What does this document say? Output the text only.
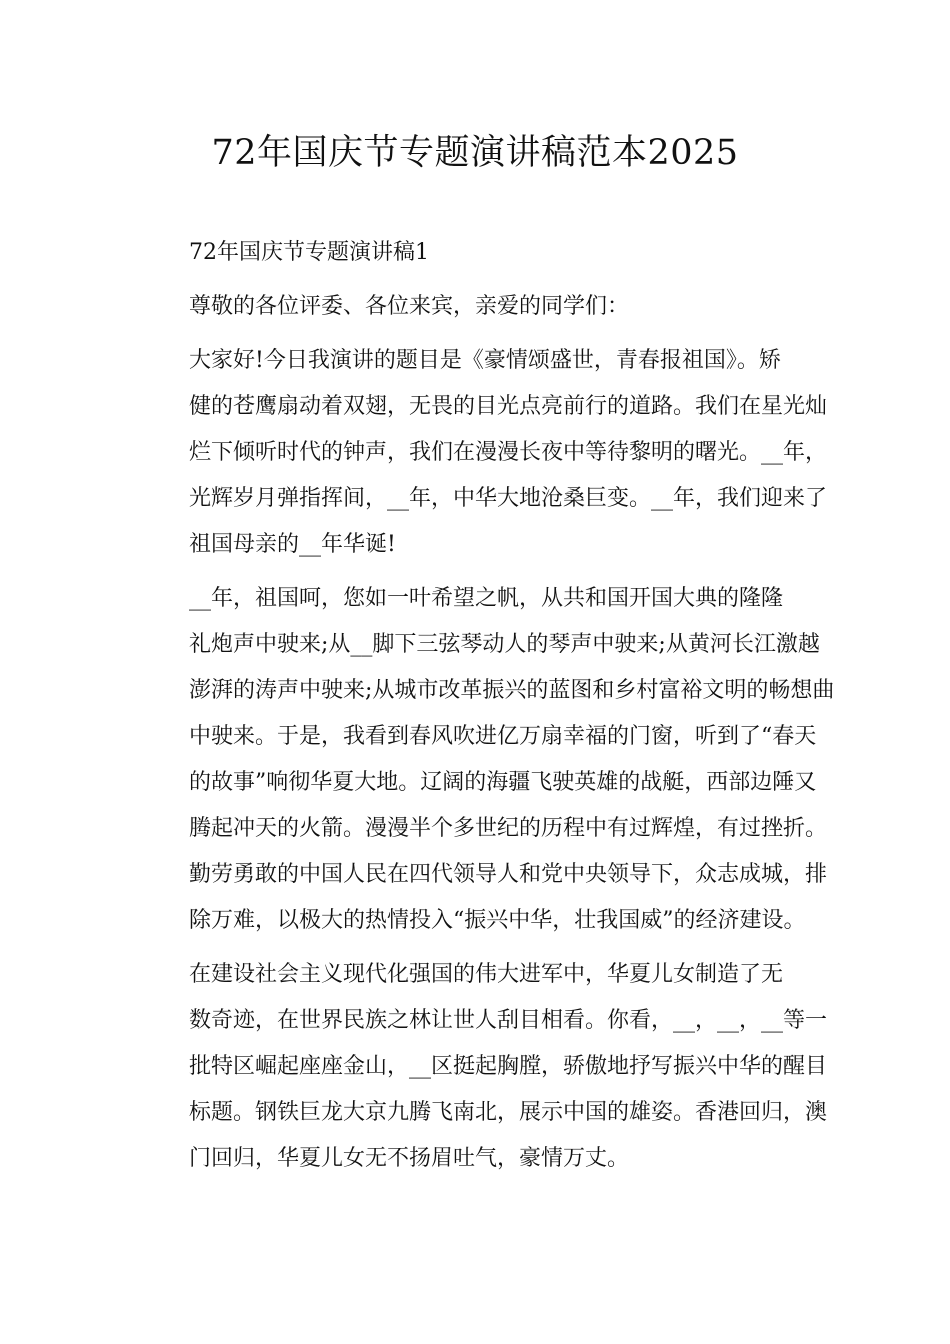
72年国庆节专题演讲稿范本2025

72年国庆节专题演讲稿1

尊敬的各位评委、各位来宾，亲爱的同学们：

大家好!今日我演讲的题目是《豪情颂盛世，青春报祖国》。矫
健的苍鹰扇动着双翅，无畏的目光点亮前行的道路。我们在星光灿
烂下倾听时代的钟声，我们在漫漫长夜中等待黎明的曙光。__年，
光辉岁月弹指挥间，__年，中华大地沧桑巨变。__年，我们迎来了
祖国母亲的__年华诞!

__年，祖国呵，您如一叶希望之帆，从共和国开国大典的隆隆
礼炮声中驶来;从__脚下三弦琴动人的琴声中驶来;从黄河长江激越
澎湃的涛声中驶来;从城市改革振兴的蓝图和乡村富裕文明的畅想曲
中驶来。于是，我看到春风吹进亿万扇幸福的门窗，听到了“春天
的故事”响彻华夏大地。辽阔的海疆飞驶英雄的战艇，西部边陲又
腾起冲天的火箭。漫漫半个多世纪的历程中有过辉煌，有过挫折。
勤劳勇敢的中国人民在四代领导人和党中央领导下，众志成城，排
除万难，以极大的热情投入“振兴中华，壮我国威”的经济建设。

在建设社会主义现代化强国的伟大进军中，华夏儿女制造了无
数奇迹，在世界民族之林让世人刮目相看。你看，__，__，__等一
批特区崛起座座金山，__区挺起胸膛，骄傲地抒写振兴中华的醒目
标题。钢铁巨龙大京九腾飞南北，展示中国的雄姿。香港回归，澳
门回归，华夏儿女无不扬眉吐气，豪情万丈。
